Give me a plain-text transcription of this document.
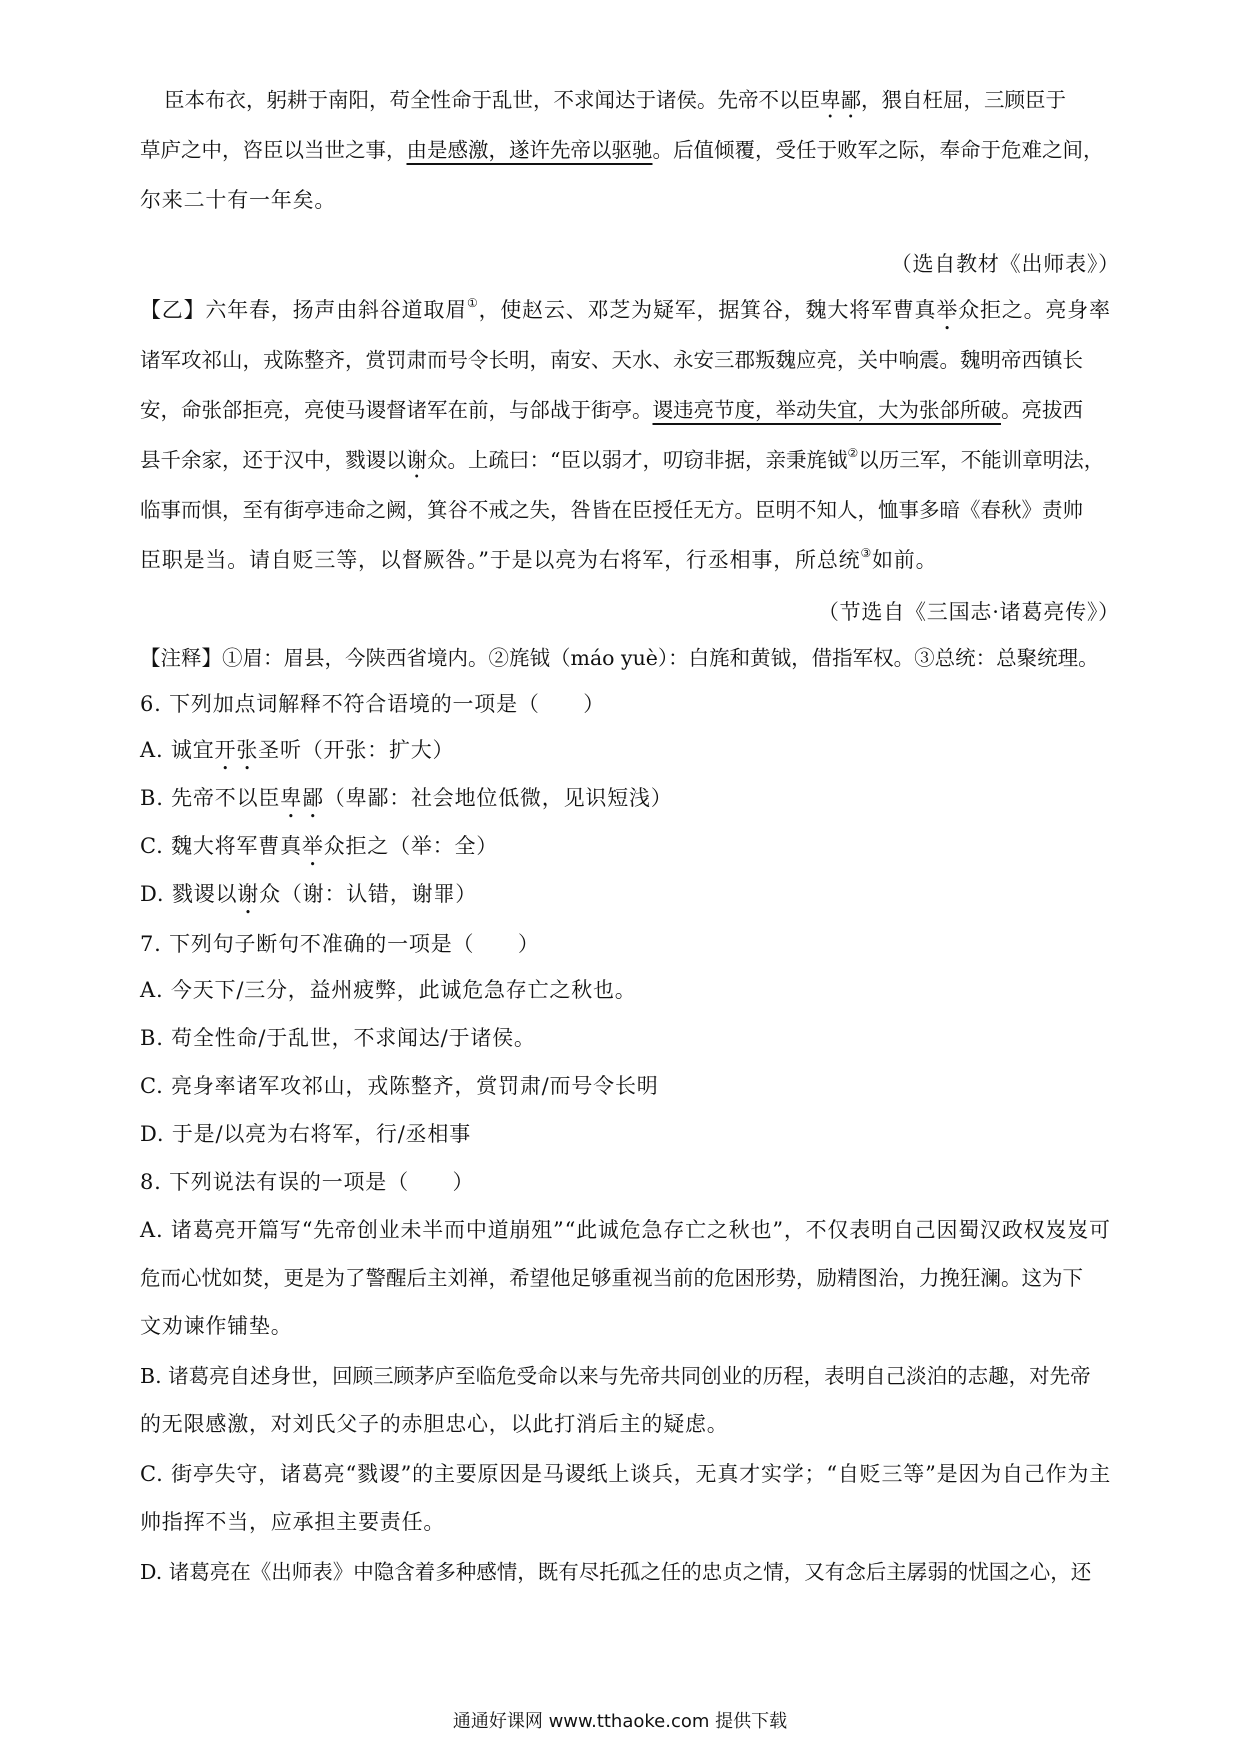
臣本布衣，躬耕于南阳，苟全性命于乱世，不求闻达于诸侯。先帝不以臣卑鄙，猥自枉屈，三顾臣于
草庐之中，咨臣以当世之事，由是感激，遂许先帝以驱驰。后值倾覆，受任于败军之际，奉命于危难之间，
尔来二十有一年矣。
（选自教材《出师表》）
【乙】六年春，扬声由斜谷道取眉①，使赵云、邓芝为疑军，据箕谷，魏大将军曹真举众拒之。亮身率
诸军攻祁山，戎陈整齐，赏罚肃而号令长明，南安、天水、永安三郡叛魏应亮，关中响震。魏明帝西镇长
安，命张郃拒亮，亮使马谡督诸军在前，与郃战于街亭。谡违亮节度，举动失宜，大为张郃所破。亮拔西
县千余家，还于汉中，戮谡以谢众。上疏曰：“臣以弱才，叨窃非据，亲秉旄钺②以历三军，不能训章明法，
临事而惧，至有街亭违命之阙，箕谷不戒之失，咎皆在臣授任无方。臣明不知人，恤事多暗《春秋》责帅
臣职是当。请自贬三等，以督厥咎。”于是以亮为右将军，行丞相事，所总统③如前。
（节选自《三国志·诸葛亮传》）
【注释】①眉：眉县，今陕西省境内。②旄钺（máo yuè）：白旄和黄钺，借指军权。③总统：总聚统理。
6. 下列加点词解释不符合语境的一项是（　　）
A. 诚宜开张圣听（开张：扩大）
B. 先帝不以臣卑鄙（卑鄙：社会地位低微，见识短浅）
C. 魏大将军曹真举众拒之（举：全）
D. 戮谡以谢众（谢：认错，谢罪）
7. 下列句子断句不准确的一项是（　　）
A. 今天下/三分，益州疲弊，此诚危急存亡之秋也。
B. 苟全性命/于乱世，不求闻达/于诸侯。
C. 亮身率诸军攻祁山，戎陈整齐，赏罚肃/而号令长明
D. 于是/以亮为右将军，行/丞相事
8. 下列说法有误的一项是（　　）
A. 诸葛亮开篇写“先帝创业未半而中道崩殂”“此诚危急存亡之秋也”，不仅表明自己因蜀汉政权岌岌可
危而心忧如焚，更是为了警醒后主刘禅，希望他足够重视当前的危困形势，励精图治，力挽狂澜。这为下
文劝谏作铺垫。
B. 诸葛亮自述身世，回顾三顾茅庐至临危受命以来与先帝共同创业的历程，表明自己淡泊的志趣，对先帝
的无限感激，对刘氏父子的赤胆忠心，以此打消后主的疑虑。
C. 街亭失守，诸葛亮“戮谡”的主要原因是马谡纸上谈兵，无真才实学；“自贬三等”是因为自己作为主
帅指挥不当，应承担主要责任。
D. 诸葛亮在《出师表》中隐含着多种感情，既有尽托孤之任的忠贞之情，又有念后主孱弱的忧国之心，还
通通好课网 www.tthaoke.com 提供下载
